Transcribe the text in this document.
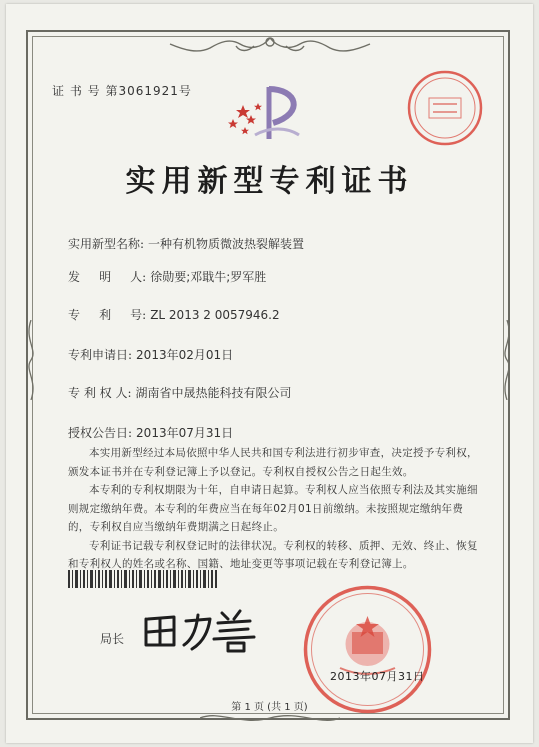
证 书 号 第3061921号
实用新型专利证书
实用新型名称: 一种有机物质微波热裂解装置
发     明     人: 徐勋要;邓戢牛;罗军胜
专     利     号: ZL 2013 2 0057946.2
专利申请日: 2013年02月01日
专 利 权 人: 湖南省中晟热能科技有限公司
授权公告日: 2013年07月31日

本实用新型经过本局依照中华人民共和国专利法进行初步审查，决定授予专利权，颁发本证书并在专利登记簿上予以登记。专利权自授权公告之日起生效。

本专利的专利权期限为十年，自申请日起算。专利权人应当依照专利法及其实施细则规定缴纳年费。本专利的年费应当在每年02月01日前缴纳。未按照规定缴纳年费的，专利权自应当缴纳年费期满之日起终止。

专利证书记载专利权登记时的法律状况。专利权的转移、质押、无效、终止、恢复和专利权人的姓名或名称、国籍、地址变更等事项记载在专利登记簿上。

局长
2013年07月31日
第 1 页 (共 1 页)
